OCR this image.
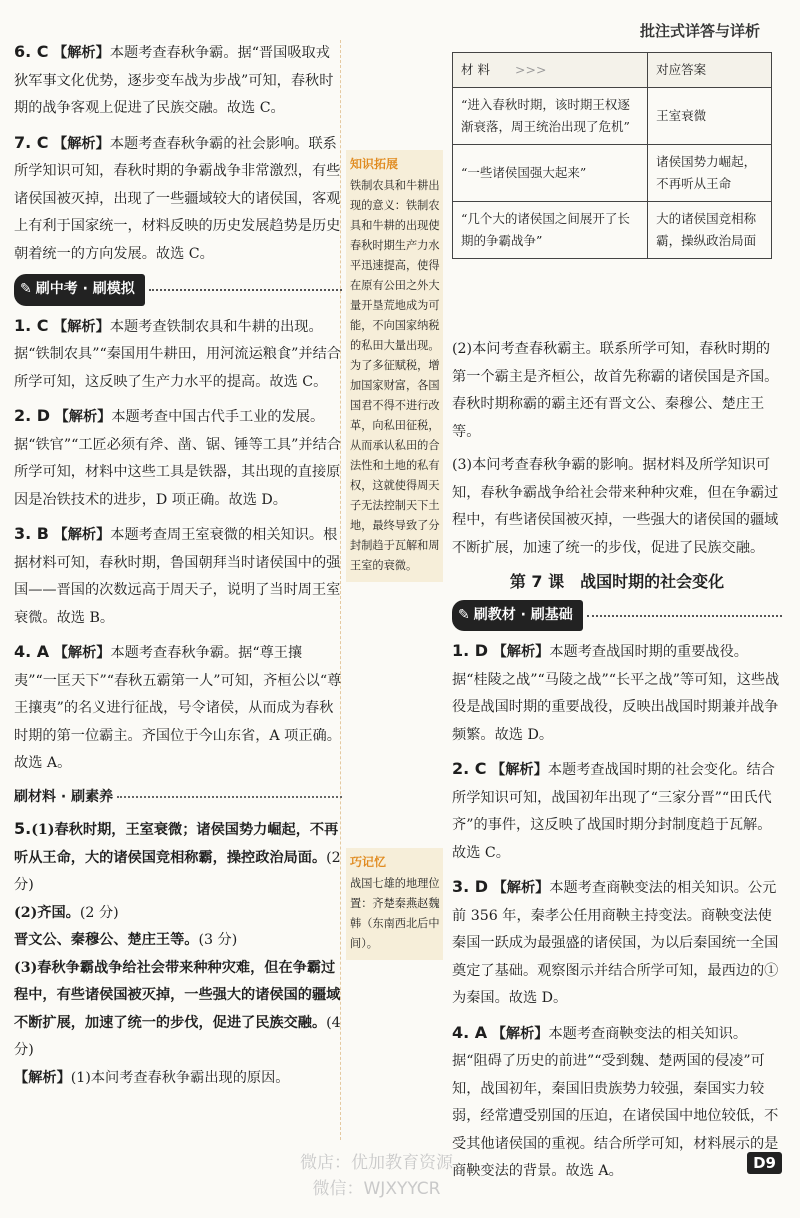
批注式详答与详析

6. C 【解析】本题考查春秋争霸。据“晋国吸取戎狄军事文化优势，逐步变车战为步战”可知，春秋时期的战争客观上促进了民族交融。故选 C。

7. C 【解析】本题考查春秋争霸的社会影响。联系所学知识可知，春秋时期的争霸战争非常激烈，有些诸侯国被灭掉，出现了一些疆域较大的诸侯国，客观上有利于国家统一，材料反映的历史发展趋势是历史朝着统一的方向发展。故选 C。

✎ 刷中考 · 刷模拟

1. C 【解析】本题考查铁制农具和牛耕的出现。据“铁制农具”“秦国用牛耕田，用河流运粮食”并结合所学可知，这反映了生产力水平的提高。故选 C。

2. D 【解析】本题考查中国古代手工业的发展。据“铁官”“工匠必须有斧、凿、锯、锤等工具”并结合所学可知，材料中这些工具是铁器，其出现的直接原因是冶铁技术的进步，D 项正确。故选 D。

3. B 【解析】本题考查周王室衰微的相关知识。根据材料可知，春秋时期，鲁国朝拜当时诸侯国中的强国——晋国的次数远高于周天子，说明了当时周王室衰微。故选 B。

4. A 【解析】本题考查春秋争霸。据“尊王攘夷”“一匡天下”“春秋五霸第一人”可知，齐桓公以“尊王攘夷”的名义进行征战，号令诸侯，从而成为春秋时期的第一位霸主。齐国位于今山东省，A 项正确。故选 A。

刷材料 · 刷素养
5.(1)春秋时期，王室衰微；诸侯国势力崛起，不再听从王命，大的诸侯国竞相称霸，操控政治局面。(2 分)
(2)齐国。(2 分)
晋文公、秦穆公、楚庄王等。(3 分)
(3)春秋争霸战争给社会带来种种灾难，但在争霸过程中，有些诸侯国被灭掉，一些强大的诸侯国的疆域不断扩展，加速了统一的步伐，促进了民族交融。(4 分)
【解析】(1)本问考查春秋争霸出现的原因。
知识拓展
铁制农具和牛耕出现的意义：铁制农具和牛耕的出现使春秋时期生产力水平迅速提高，使得在原有公田之外大量开垦荒地成为可能，不向国家纳税的私田大量出现。为了多征赋税，增加国家财富，各国国君不得不进行改革，向私田征税，从而承认私田的合法性和土地的私有权，这就使得周天子无法控制天下土地，最终导致了分封制趋于瓦解和周王室的衰微。
巧记忆
战国七雄的地理位置：齐楚秦燕赵魏韩（东南西北后中间）。
材 料　　 >>>	对应答案
“进入春秋时期，该时期王权逐渐衰落，周王统治出现了危机”	王室衰微
“一些诸侯国强大起来”	诸侯国势力崛起，不再听从王命
“几个大的诸侯国之间展开了长期的争霸战争”	大的诸侯国竞相称霸，操纵政治局面

(2)本问考查春秋霸主。联系所学可知，春秋时期的第一个霸主是齐桓公，故首先称霸的诸侯国是齐国。春秋时期称霸的霸主还有晋文公、秦穆公、楚庄王等。

(3)本问考查春秋争霸的影响。据材料及所学知识可知，春秋争霸战争给社会带来种种灾难，但在争霸过程中，有些诸侯国被灭掉，一些强大的诸侯国的疆域不断扩展，加速了统一的步伐，促进了民族交融。

第 7 课　战国时期的社会变化
✎ 刷教材 · 刷基础

1. D 【解析】本题考查战国时期的重要战役。据“桂陵之战”“马陵之战”“长平之战”等可知，这些战役是战国时期的重要战役，反映出战国时期兼并战争频繁。故选 D。

2. C 【解析】本题考查战国时期的社会变化。结合所学知识可知，战国初年出现了“三家分晋”“田氏代齐”的事件，这反映了战国时期分封制度趋于瓦解。故选 C。

3. D 【解析】本题考查商鞅变法的相关知识。公元前 356 年，秦孝公任用商鞅主持变法。商鞅变法使秦国一跃成为最强盛的诸侯国，为以后秦国统一全国奠定了基础。观察图示并结合所学可知，最西边的①为秦国。故选 D。

4. A 【解析】本题考查商鞅变法的相关知识。据“阻碍了历史的前进”“受到魏、楚两国的侵凌”可知，战国初年，秦国旧贵族势力较强，秦国实力较弱，经常遭受别国的压迫，在诸侯国中地位较低，不受其他诸侯国的重视。结合所学可知，材料展示的是商鞅变法的背景。故选 A。

微店：优加教育资源
微信：WJXYYCR
D9
